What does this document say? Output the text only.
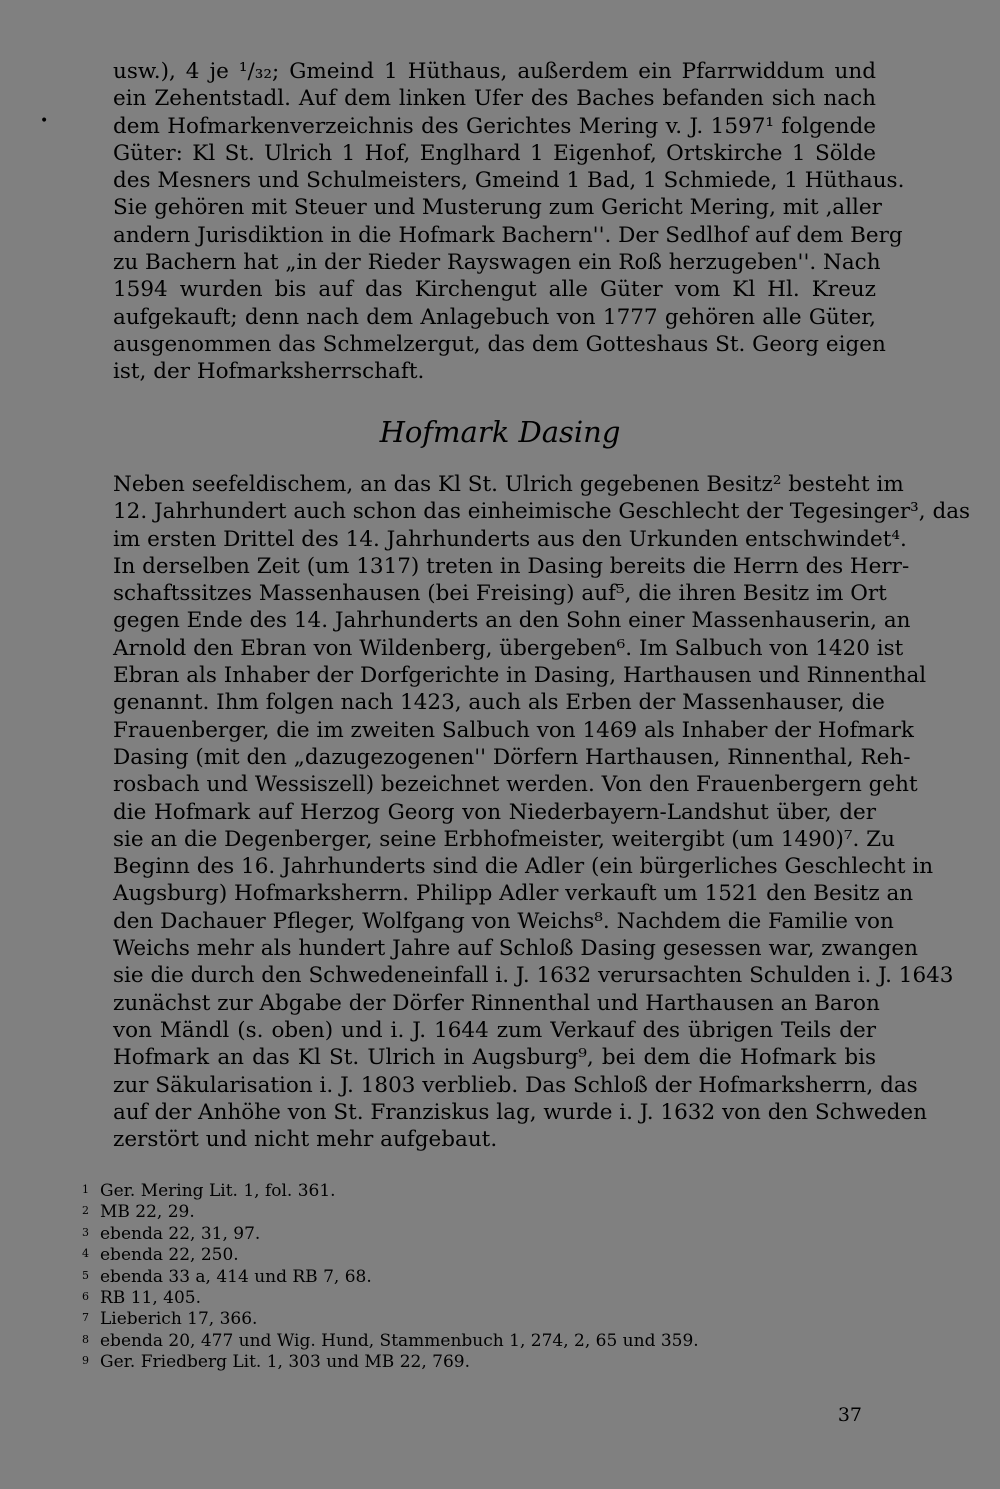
•
usw.), 4 je ¹/₃₂; Gmeind 1 Hüthaus, außerdem ein Pfarrwiddum und
ein Zehentstadl. Auf dem linken Ufer des Baches befanden sich nach
dem Hofmarkenverzeichnis des Gerichtes Mering v. J. 1597¹ folgende
Güter: Kl St. Ulrich 1 Hof, Englhard 1 Eigenhof, Ortskirche 1 Sölde
des Mesners und Schulmeisters, Gmeind 1 Bad, 1 Schmiede, 1 Hüthaus.
Sie gehören mit Steuer und Musterung zum Gericht Mering, mit ‚aller
andern Jurisdiktion in die Hofmark Bachern''. Der Sedlhof auf dem Berg
zu Bachern hat „in der Rieder Rayswagen ein Roß herzugeben''. Nach
1594 wurden bis auf das Kirchengut alle Güter vom Kl Hl. Kreuz
aufgekauft; denn nach dem Anlagebuch von 1777 gehören alle Güter,
ausgenommen das Schmelzergut, das dem Gotteshaus St. Georg eigen
ist, der Hofmarksherrschaft.
Hofmark Dasing
Neben seefeldischem, an das Kl St. Ulrich gegebenen Besitz² besteht im
12. Jahrhundert auch schon das einheimische Geschlecht der Tegesinger³, das
im ersten Drittel des 14. Jahrhunderts aus den Urkunden entschwindet⁴.
In derselben Zeit (um 1317) treten in Dasing bereits die Herrn des Herr-
schaftssitzes Massenhausen (bei Freising) auf⁵, die ihren Besitz im Ort
gegen Ende des 14. Jahrhunderts an den Sohn einer Massenhauserin, an
Arnold den Ebran von Wildenberg, übergeben⁶. Im Salbuch von 1420 ist
Ebran als Inhaber der Dorfgerichte in Dasing, Harthausen und Rinnenthal
genannt. Ihm folgen nach 1423, auch als Erben der Massenhauser, die
Frauenberger, die im zweiten Salbuch von 1469 als Inhaber der Hofmark
Dasing (mit den „dazugezogenen'' Dörfern Harthausen, Rinnenthal, Reh-
rosbach und Wessiszell) bezeichnet werden. Von den Frauenbergern geht
die Hofmark auf Herzog Georg von Niederbayern-Landshut über, der
sie an die Degenberger, seine Erbhofmeister, weitergibt (um 1490)⁷. Zu
Beginn des 16. Jahrhunderts sind die Adler (ein bürgerliches Geschlecht in
Augsburg) Hofmarksherrn. Philipp Adler verkauft um 1521 den Besitz an
den Dachauer Pfleger, Wolfgang von Weichs⁸. Nachdem die Familie von
Weichs mehr als hundert Jahre auf Schloß Dasing gesessen war, zwangen
sie die durch den Schwedeneinfall i. J. 1632 verursachten Schulden i. J. 1643
zunächst zur Abgabe der Dörfer Rinnenthal und Harthausen an Baron
von Mändl (s. oben) und i. J. 1644 zum Verkauf des übrigen Teils der
Hofmark an das Kl St. Ulrich in Augsburg⁹, bei dem die Hofmark bis
zur Säkularisation i. J. 1803 verblieb. Das Schloß der Hofmarksherrn, das
auf der Anhöhe von St. Franziskus lag, wurde i. J. 1632 von den Schweden
zerstört und nicht mehr aufgebaut.
1 Ger. Mering Lit. 1, fol. 361.
2 MB 22, 29.
3 ebenda 22, 31, 97.
4 ebenda 22, 250.
5 ebenda 33 a, 414 und RB 7, 68.
6 RB 11, 405.
7 Lieberich 17, 366.
8 ebenda 20, 477 und Wig. Hund, Stammenbuch 1, 274, 2, 65 und 359.
9 Ger. Friedberg Lit. 1, 303 und MB 22, 769.
37
